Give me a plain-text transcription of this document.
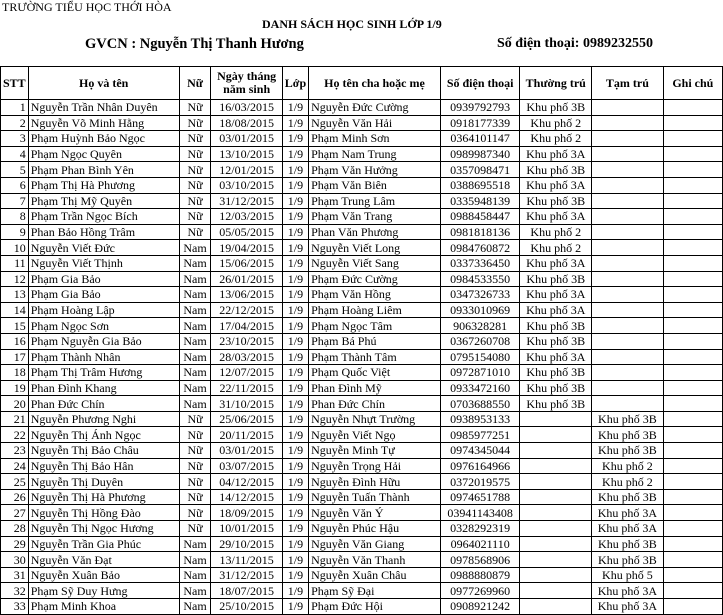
TRƯỜNG TIỂU HỌC THỚI HÒA
DANH SÁCH HỌC SINH LỚP 1/9
GVCN : Nguyễn Thị Thanh Hương	Số điện thoại: 0989232550
STT	Họ và tên	Nữ	Ngày tháng năm sinh	Lớp	Họ tên cha hoặc mẹ	Số điện thoại	Thường trú	Tạm trú	Ghi chú
1	Nguyễn Trần Nhân Duyên	Nữ	16/03/2015	1/9	Nguyễn Đức Cường	0939792793	Khu phố 3B		
2	Nguyễn Võ Minh Hằng	Nữ	18/08/2015	1/9	Nguyễn Văn Hải	0918177339	Khu phố 2		
3	Phạm Huỳnh Bảo Ngọc	Nữ	03/01/2015	1/9	Phạm Minh Sơn	0364101147	Khu phố 2		
4	Phạm Ngọc Quyên	Nữ	13/10/2015	1/9	Phạm Nam Trung	0989987340	Khu phố 3A		
5	Phạm Phan Bình Yên	Nữ	12/01/2015	1/9	Phạm Văn Hưởng	0357098471	Khu phố 3B		
6	Phạm Thị Hà Phương	Nữ	03/10/2015	1/9	Phạm Văn Biên	0388695518	Khu phố 3A		
7	Phạm Thị Mỹ Quyên	Nữ	31/12/2015	1/9	Phạm Trung Lâm	0335948139	Khu phố 3B		
8	Phạm Trần Ngọc Bích	Nữ	12/03/2015	1/9	Phạm Văn Trang	0988458447	Khu phố 3A		
9	Phan Bảo Hồng Trâm	Nữ	05/05/2015	1/9	Phan Văn Phương	0981818136	Khu phố 2		
10	Nguyễn Viết Đức	Nam	19/04/2015	1/9	Nguyễn Viết Long	0984760872	Khu phố 2		
11	Nguyễn Viết Thịnh	Nam	15/06/2015	1/9	Nguyễn Viết Sang	0337336450	Khu phố 3A		
12	Phạm Gia Bảo	Nam	26/01/2015	1/9	Phạm Đức Cường	0984533550	Khu phố 3B		
13	Phạm Gia Bảo	Nam	13/06/2015	1/9	Phạm Văn Hồng	0347326733	Khu phố 3A		
14	Phạm Hoàng Lập	Nam	22/12/2015	1/9	Phạm Hoàng Liêm	0933010969	Khu phố 3A		
15	Phạm Ngọc Sơn	Nam	17/04/2015	1/9	Phạm Ngọc Tâm	906328281	Khu phố 3B		
16	Phạm Nguyễn Gia Bảo	Nam	23/10/2015	1/9	Phạm Bá Phú	0367260708	Khu phố 3B		
17	Phạm Thành Nhân	Nam	28/03/2015	1/9	Phạm Thành Tâm	0795154080	Khu phố 3A		
18	Phạm Thị Trâm Hương	Nam	12/07/2015	1/9	Phạm Quốc Việt	0972871010	Khu phố 3B		
19	Phan Đình Khang	Nam	22/11/2015	1/9	Phan Đình Mỹ	0933472160	Khu phố 3B		
20	Phan Đức Chín	Nam	31/10/2015	1/9	Phan Đức Chín	0703688550	Khu phố 3B		
21	Nguyễn Phương Nghi	Nữ	25/06/2015	1/9	Nguyễn Nhựt Trường	0938953133		Khu phố 3B	
22	Nguyễn Thị Ánh Ngọc	Nữ	20/11/2015	1/9	Nguyễn Viết Ngọ	0985977251		Khu phố 3B	
23	Nguyễn Thị Bảo Châu	Nữ	03/01/2015	1/9	Nguyễn Minh Tự	0974345044		Khu phố 3B	
24	Nguyễn Thị Bảo Hân	Nữ	03/07/2015	1/9	Nguyễn Trọng Hải	0976164966		Khu phố 2	
25	Nguyễn Thị Duyên	Nữ	04/12/2015	1/9	Nguyễn Đình Hữu	0372019575		Khu phố 2	
26	Nguyễn Thị Hà Phương	Nữ	14/12/2015	1/9	Nguyễn Tuấn Thành	0974651788		Khu phố 3B	
27	Nguyễn Thị Hồng Đào	Nữ	18/09/2015	1/9	Nguyễn Văn Ý	03941143408		Khu phố 3A	
28	Nguyễn Thị Ngọc Hương	Nữ	10/01/2015	1/9	Nguyễn Phúc Hậu	0328292319		Khu phố 3A	
29	Nguyễn Trần Gia Phúc	Nam	29/10/2015	1/9	Nguyễn Văn Giang	0964021110		Khu phố 3B	
30	Nguyễn Văn Đạt	Nam	13/11/2015	1/9	Nguyễn Văn Thanh	0978568906		Khu phố 3B	
31	Nguyễn Xuân Bảo	Nam	31/12/2015	1/9	Nguyễn Xuân Châu	0988880879		Khu phố 5	
32	Phạm Sỹ Duy Hưng	Nam	18/07/2015	1/9	Phạm Sỹ Đại	0977269960		Khu phố 3A	
33	Phạm Minh Khoa	Nam	25/10/2015	1/9	Phạm Đức Hội	0908921242		Khu phố 3A	
